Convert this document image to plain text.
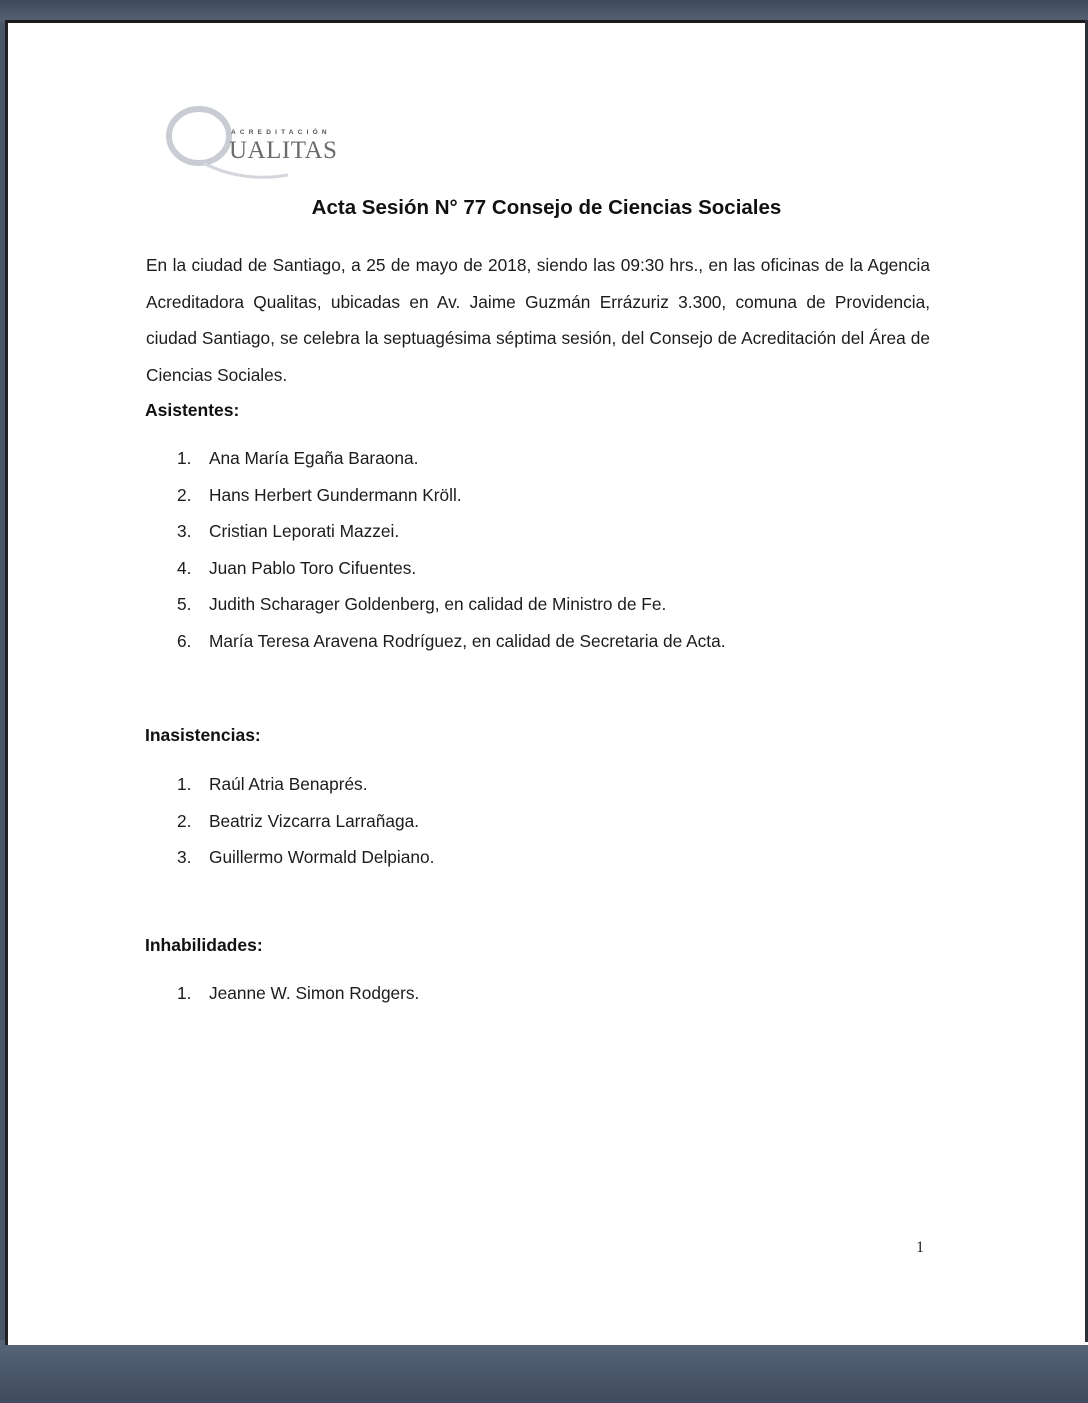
ACREDITACIÓN
UALITAS
Acta Sesión N° 77 Consejo de Ciencias Sociales

En la ciudad de Santiago, a 25 de mayo de 2018, siendo las 09:30 hrs., en las oficinas de la Agencia Acreditadora Qualitas, ubicadas en Av. Jaime Guzmán Errázuriz 3.300, comuna de Providencia, ciudad Santiago, se celebra la septuagésima séptima sesión, del Consejo de Acreditación del Área de Ciencias Sociales.

Asistentes:
1. Ana María Egaña Baraona.
2. Hans Herbert Gundermann Kröll.
3. Cristian Leporati Mazzei.
4. Juan Pablo Toro Cifuentes.
5. Judith Scharager Goldenberg, en calidad de Ministro de Fe.
6. María Teresa Aravena Rodríguez, en calidad de Secretaria de Acta.
Inasistencias:
1. Raúl Atria Benaprés.
2. Beatriz Vizcarra Larrañaga.
3. Guillermo Wormald Delpiano.
Inhabilidades:
1. Jeanne W. Simon Rodgers.
1
